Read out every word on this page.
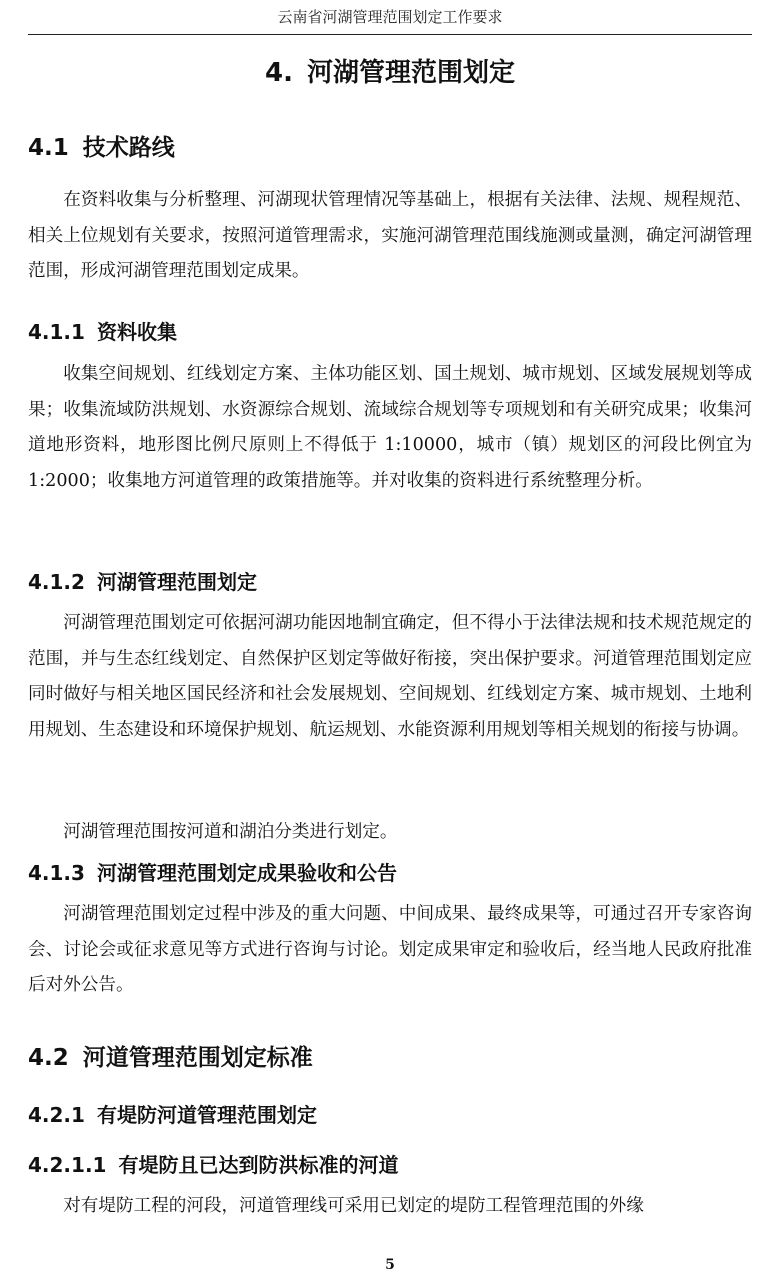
云南省河湖管理范围划定工作要求
4. 河湖管理范围划定
4.1 技术路线
在资料收集与分析整理、河湖现状管理情况等基础上，根据有关法律、法规、规程规范、相关上位规划有关要求，按照河道管理需求，实施河湖管理范围线施测或量测，确定河湖管理范围，形成河湖管理范围划定成果。
4.1.1 资料收集
收集空间规划、红线划定方案、主体功能区划、国土规划、城市规划、区域发展规划等成果；收集流域防洪规划、水资源综合规划、流域综合规划等专项规划和有关研究成果；收集河道地形资料，地形图比例尺原则上不得低于 1:10000，城市（镇）规划区的河段比例宜为 1:2000；收集地方河道管理的政策措施等。并对收集的资料进行系统整理分析。
4.1.2 河湖管理范围划定
河湖管理范围划定可依据河湖功能因地制宜确定，但不得小于法律法规和技术规范规定的范围，并与生态红线划定、自然保护区划定等做好衔接，突出保护要求。河道管理范围划定应同时做好与相关地区国民经济和社会发展规划、空间规划、红线划定方案、城市规划、土地利用规划、生态建设和环境保护规划、航运规划、水能资源利用规划等相关规划的衔接与协调。
河湖管理范围按河道和湖泊分类进行划定。
4.1.3 河湖管理范围划定成果验收和公告
河湖管理范围划定过程中涉及的重大问题、中间成果、最终成果等，可通过召开专家咨询会、讨论会或征求意见等方式进行咨询与讨论。划定成果审定和验收后，经当地人民政府批准后对外公告。
4.2 河道管理范围划定标准
4.2.1 有堤防河道管理范围划定
4.2.1.1 有堤防且已达到防洪标准的河道
对有堤防工程的河段，河道管理线可采用已划定的堤防工程管理范围的外缘
5
